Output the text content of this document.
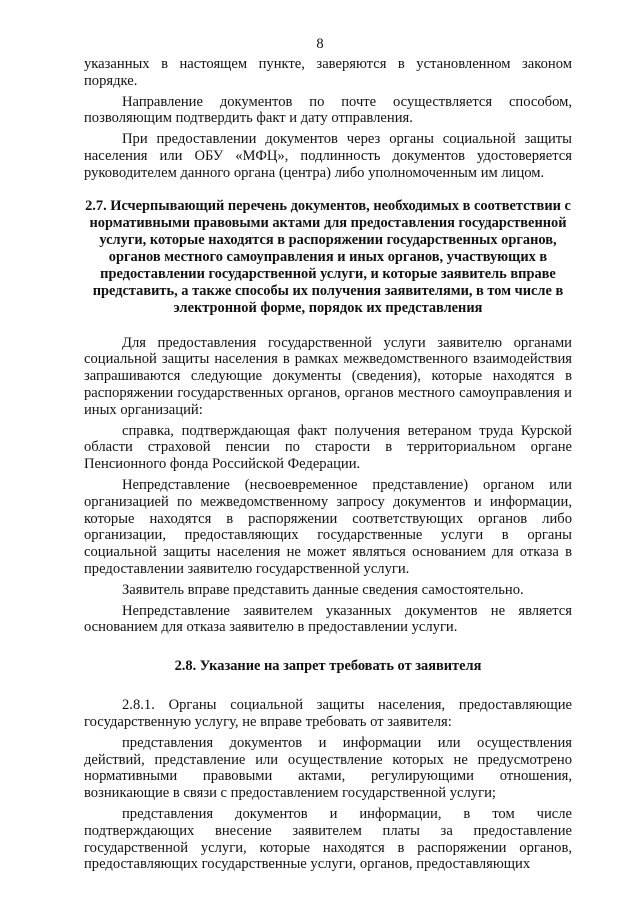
8

указанных в настоящем пункте, заверяются в установленном законом порядке.

Направление документов по почте осуществляется способом, позволяющим подтвердить факт и дату отправления.

При предоставлении документов через органы социальной защиты населения или ОБУ «МФЦ», подлинность документов удостоверяется руководителем данного органа (центра) либо уполномоченным им лицом.

2.7. Исчерпывающий перечень документов, необходимых в соответствии с нормативными правовыми актами для предоставления государственной услуги, которые находятся в распоряжении государственных органов, органов местного самоуправления и иных органов, участвующих в предоставлении государственной услуги, и которые заявитель вправе представить, а также способы их получения заявителями, в том числе в электронной форме, порядок их представления

Для предоставления государственной услуги заявителю органами социальной защиты населения в рамках межведомственного взаимодействия запрашиваются следующие документы (сведения), которые находятся в распоряжении государственных органов, органов местного самоуправления и иных организаций:

справка, подтверждающая факт получения ветераном труда Курской области страховой пенсии по старости в территориальном органе Пенсионного фонда Российской Федерации.

Непредставление (несвоевременное представление) органом или организацией по межведомственному запросу документов и информации, которые находятся в распоряжении соответствующих органов либо организации, предоставляющих государственные услуги в органы социальной защиты населения не может являться основанием для отказа в предоставлении заявителю государственной услуги.

Заявитель вправе представить данные сведения самостоятельно.

Непредставление заявителем указанных документов не является основанием для отказа заявителю в предоставлении услуги.

2.8. Указание на запрет требовать от заявителя

2.8.1. Органы социальной защиты населения, предоставляющие государственную услугу, не вправе требовать от заявителя:

представления документов и информации или осуществления действий, представление или осуществление которых не предусмотрено нормативными правовыми актами, регулирующими отношения, возникающие в связи с предоставлением государственной услуги;

представления документов и информации, в том числе подтверждающих внесение заявителем платы за предоставление государственной услуги, которые находятся в распоряжении органов, предоставляющих государственные услуги, органов, предоставляющих
